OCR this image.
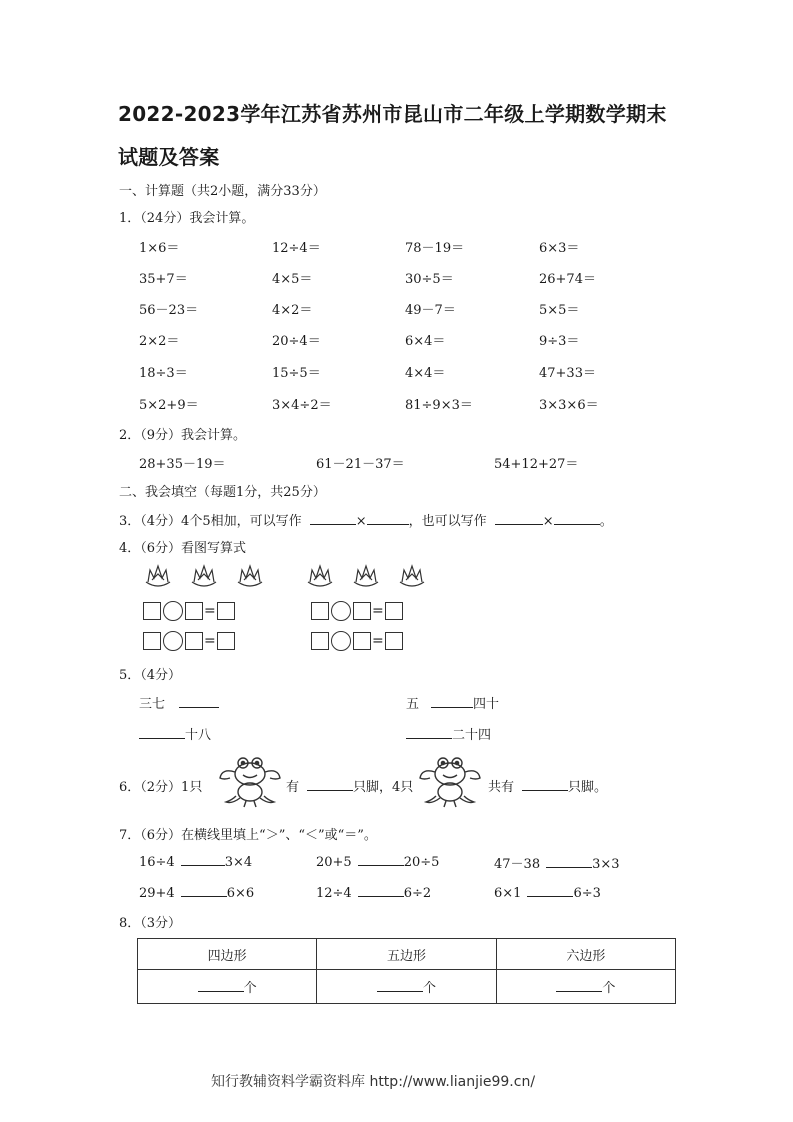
2022-2023学年江苏省苏州市昆山市二年级上学期数学期末
试题及答案
一、计算题（共2小题，满分33分）
1．（24分）我会计算。
1×6＝	12÷4＝	78－19＝	6×3＝
35+7＝	4×5＝	30÷5＝	26+74＝
56－23＝	4×2＝	49－7＝	5×5＝
2×2＝	20÷4＝	6×4＝	9÷3＝
18÷3＝	15÷5＝	4×4＝	47+33＝
5×2+9＝	3×4÷2＝	81÷9×3＝	3×3×6＝
2．（9分）我会计算。
28+35－19＝	61－21－37＝	54+12+27＝
二、我会填空（每题1分，共25分）
3．（4分）4个5相加，可以写作	×	，也可以写作	×	。
4．（6分）看图写算式
=	=
=	=
5．（4分）
三七	五	四十
十八	二十四
6．（2分）1只	有	只脚，4只	共有	只脚。
7．（6分）在横线里填上“＞”、“＜”或“＝”。
16÷4	3×4	20+5	20÷5	47－38	3×3
29+4	6×6	12÷4	6÷2	6×1	6÷3
8．（3分）
四边形	五边形	六边形
个	个	个
知行教辅资料学霸资料库 http://www.lianjie99.cn/
